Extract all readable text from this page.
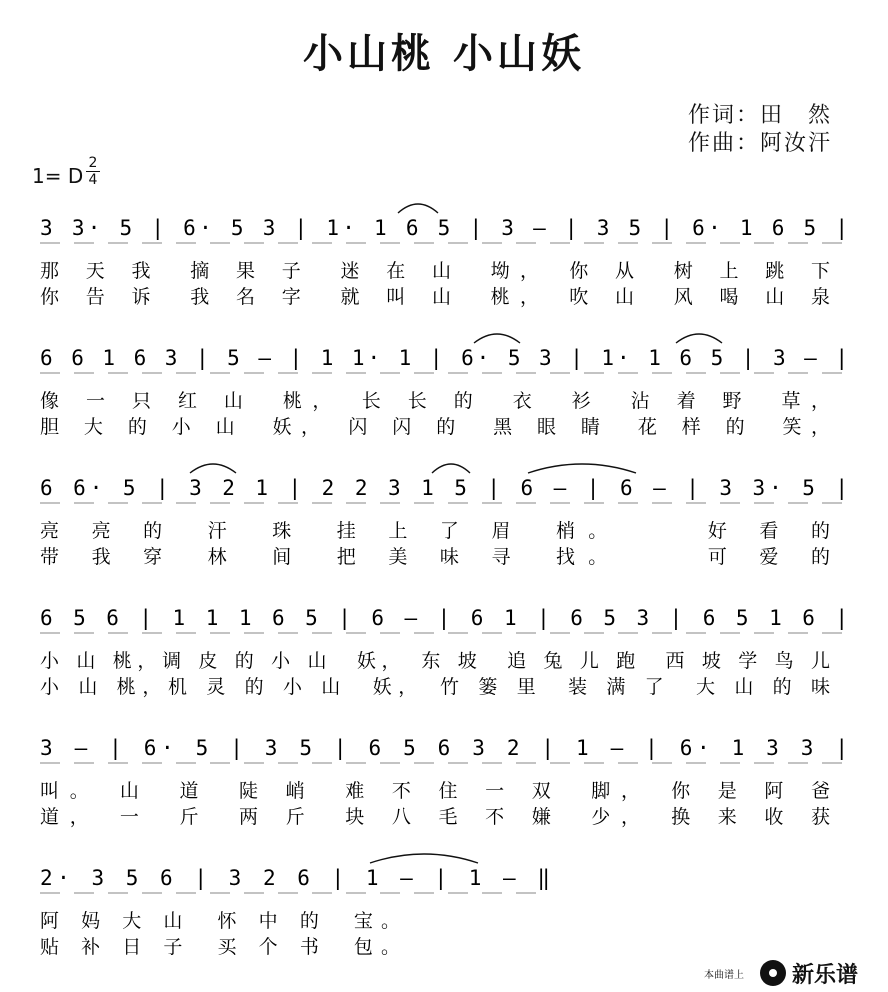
小山桃 小山妖
作词：田　然
作曲：阿汝汗
1= D
2
4
3 3· 5 | 6· 5 3 | 1· 1 6 5 | 3 – | 3 5 | 6· 1 6 5 |
那 天 我　摘 果 子　迷 在 山　坳，　你 从　树 上 跳 下
你 告 诉　我 名 字　就 叫 山　桃，　吹 山　风 喝 山 泉
6 6 1 6 3 | 5 – | 1 1· 1 | 6· 5 3 | 1· 1 6 5 | 3 – |
像 一 只 红 山　桃，　长 长 的　衣　衫　沾 着 野　草，
胆 大 的 小 山　妖，　闪 闪 的　黑 眼 睛　花 样 的　笑，
6 6· 5 | 3 2 1 | 2 2 3 1 5 | 6 – | 6 – | 3 3· 5 |
亮 亮 的　汗　珠　挂 上 了 眉　梢。　　　好 看 的
带 我 穿　林　间　把 美 味 寻　找。　　　可 爱 的
6 5 6 | 1 1 1 6 5 | 6 – | 6 1 | 6 5 3 | 6 5 1 6 |
小 山 桃，调 皮 的 小 山　妖，　东 坡　追 兔 儿 跑　西 坡 学 鸟 儿
小 山 桃，机 灵 的 小 山　妖，　竹 篓 里　装 满 了　大 山 的 味
3 – | 6· 5 | 3 5 | 6 5 6 3 2 | 1 – | 6· 1 3 3 |
叫。　山　道　陡 峭　难 不 住 一 双　脚，　你 是 阿 爸
道，　一　斤　两 斤　块 八 毛 不 嫌　少，　换 来 收 获
2· 3 5 6 | 3 2 6 | 1 – | 1 – ‖
阿 妈 大 山　怀 中 的　宝。
贴 补 日 子　买 个 书　包。
本曲谱上 新乐谱
